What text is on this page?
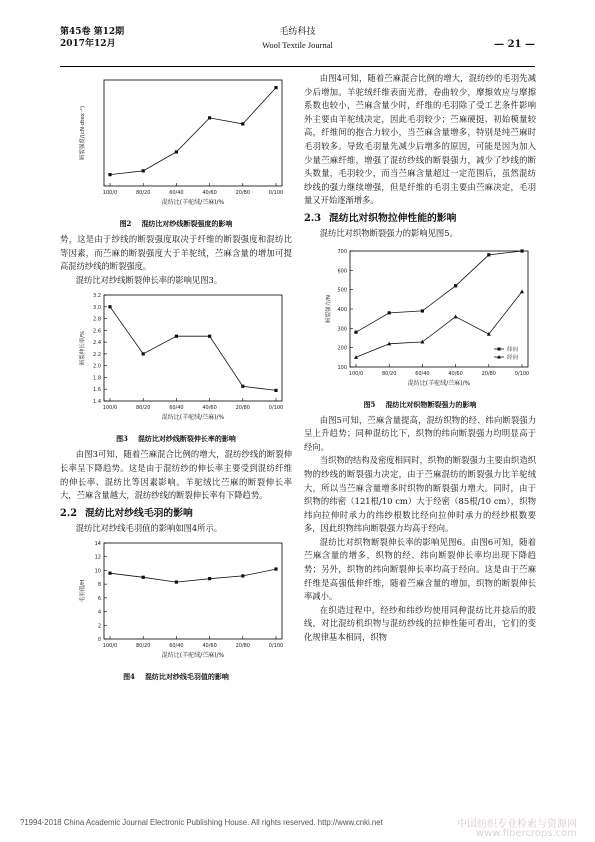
第45卷 第12期
2017年12月
毛纺科技
Wool Textile Journal	— 21 —
100/0	80/20	60/40	40/60	20/80	0/100
混纺比(羊驼绒/苎麻)/%
断裂强度/(cN·dtex⁻¹)
图2 混纺比对纱线断裂强度的影响

势，这是由于纱线的断裂强度取决于纤维的断裂强度和混纺比等因素，而苎麻的断裂强度大于羊驼绒，苎麻含量的增加可提高混纺纱线的断裂强度。

混纺比对纱线断裂伸长率的影响见图3。

1.4
1.6
1.8
2.0
2.2
2.4
2.6
2.8
3.0
3.2
100/0	80/20	60/40	40/60	20/80	0/100
混纺比(羊驼绒/苎麻)/%
断裂伸长率/%
图3 混纺比对纱线断裂伸长率的影响

由图3可知，随着苎麻混合比例的增大，混纺纱线的断裂伸长率呈下降趋势。这是由于混纺纱的伸长率主要受到混纺纤维的伸长率、混纺比等因素影响。羊驼绒比苎麻的断裂伸长率大，苎麻含量越大，混纺纱线的断裂伸长率有下降趋势。

2.2 混纺比对纱线毛羽的影响

混纺比对纱线毛羽值的影响如图4所示。

0
2
4
6
8
10
12
14
100/0	80/20	60/40	40/60	20/80	0/100
混纺比(羊驼绒/苎麻)/%
毛羽值/H
图4 混纺比对纱线毛羽值的影响

由图4可知，随着苎麻混合比例的增大，混纺纱的毛羽先减少后增加。羊驼绒纤维表面光滑，卷曲较少，摩擦效应与摩擦系数也较小，苎麻含量少时，纤维的毛羽除了受工艺条件影响外主要由羊驼绒决定，因此毛羽较少；苎麻硬挺、初始模量较高，纤维间的抱合力较小，当苎麻含量增多，特别是纯苎麻时毛羽较多。导致毛羽量先减少后增多的原因，可能是因为加入少量苎麻纤维，增强了混纺纱线的断裂强力，减少了纱线的断头数量，毛羽较少，而当苎麻含量超过一定范围后，虽然混纺纱线的强力继续增强，但是纤维的毛羽主要由苎麻决定，毛羽量又开始逐渐增多。

2.3 混纺比对织物拉伸性能的影响

混纺比对织物断裂强力的影响见图5。

100
200
300
400
500
600
700
100/0	80/20	60/40	40/60	20/80	0/100
混纺比(羊驼绒/苎麻)/%
断裂强力/N
纬向
经向
图5 混纺比对织物断裂强力的影响

由图5可知，苎麻含量提高，混纺织物的经、纬向断裂强力呈上升趋势；同种混纺比下，织物的纬向断裂强力均明显高于经向。

当织物的结构及密度相同时，织物的断裂强力主要由织造织物的纱线的断裂强力决定，由于苎麻混纺的断裂强力比羊驼绒大，所以当苎麻含量增多时织物的断裂强力增大。同时，由于织物的纬密（121根/10 cm）大于经密（85根/10 cm），织物纬向拉伸时承力的纬纱根数比经向拉伸时承力的经纱根数要多，因此织物纬向断裂强力均高于经向。

混纺比对织物断裂伸长率的影响见图6。由图6可知，随着苎麻含量的增多，织物的经、纬向断裂伸长率均出现下降趋势；另外，织物的纬向断裂伸长率均高于经向。这是由于苎麻纤维是高强低伸纤维，随着苎麻含量的增加，织物的断裂伸长率减小。

在织造过程中，经纱和纬纱均使用同种混纺比并捻后的股线，对比混纺机织物与混纺纱线的拉伸性能可看出，它们的变化规律基本相同，织物

?1994-2018 China Academic Journal Electronic Publishing House. All rights reserved. http://www.cnki.net	中国纺织专业检索与资源网
www.fibercrops.com
